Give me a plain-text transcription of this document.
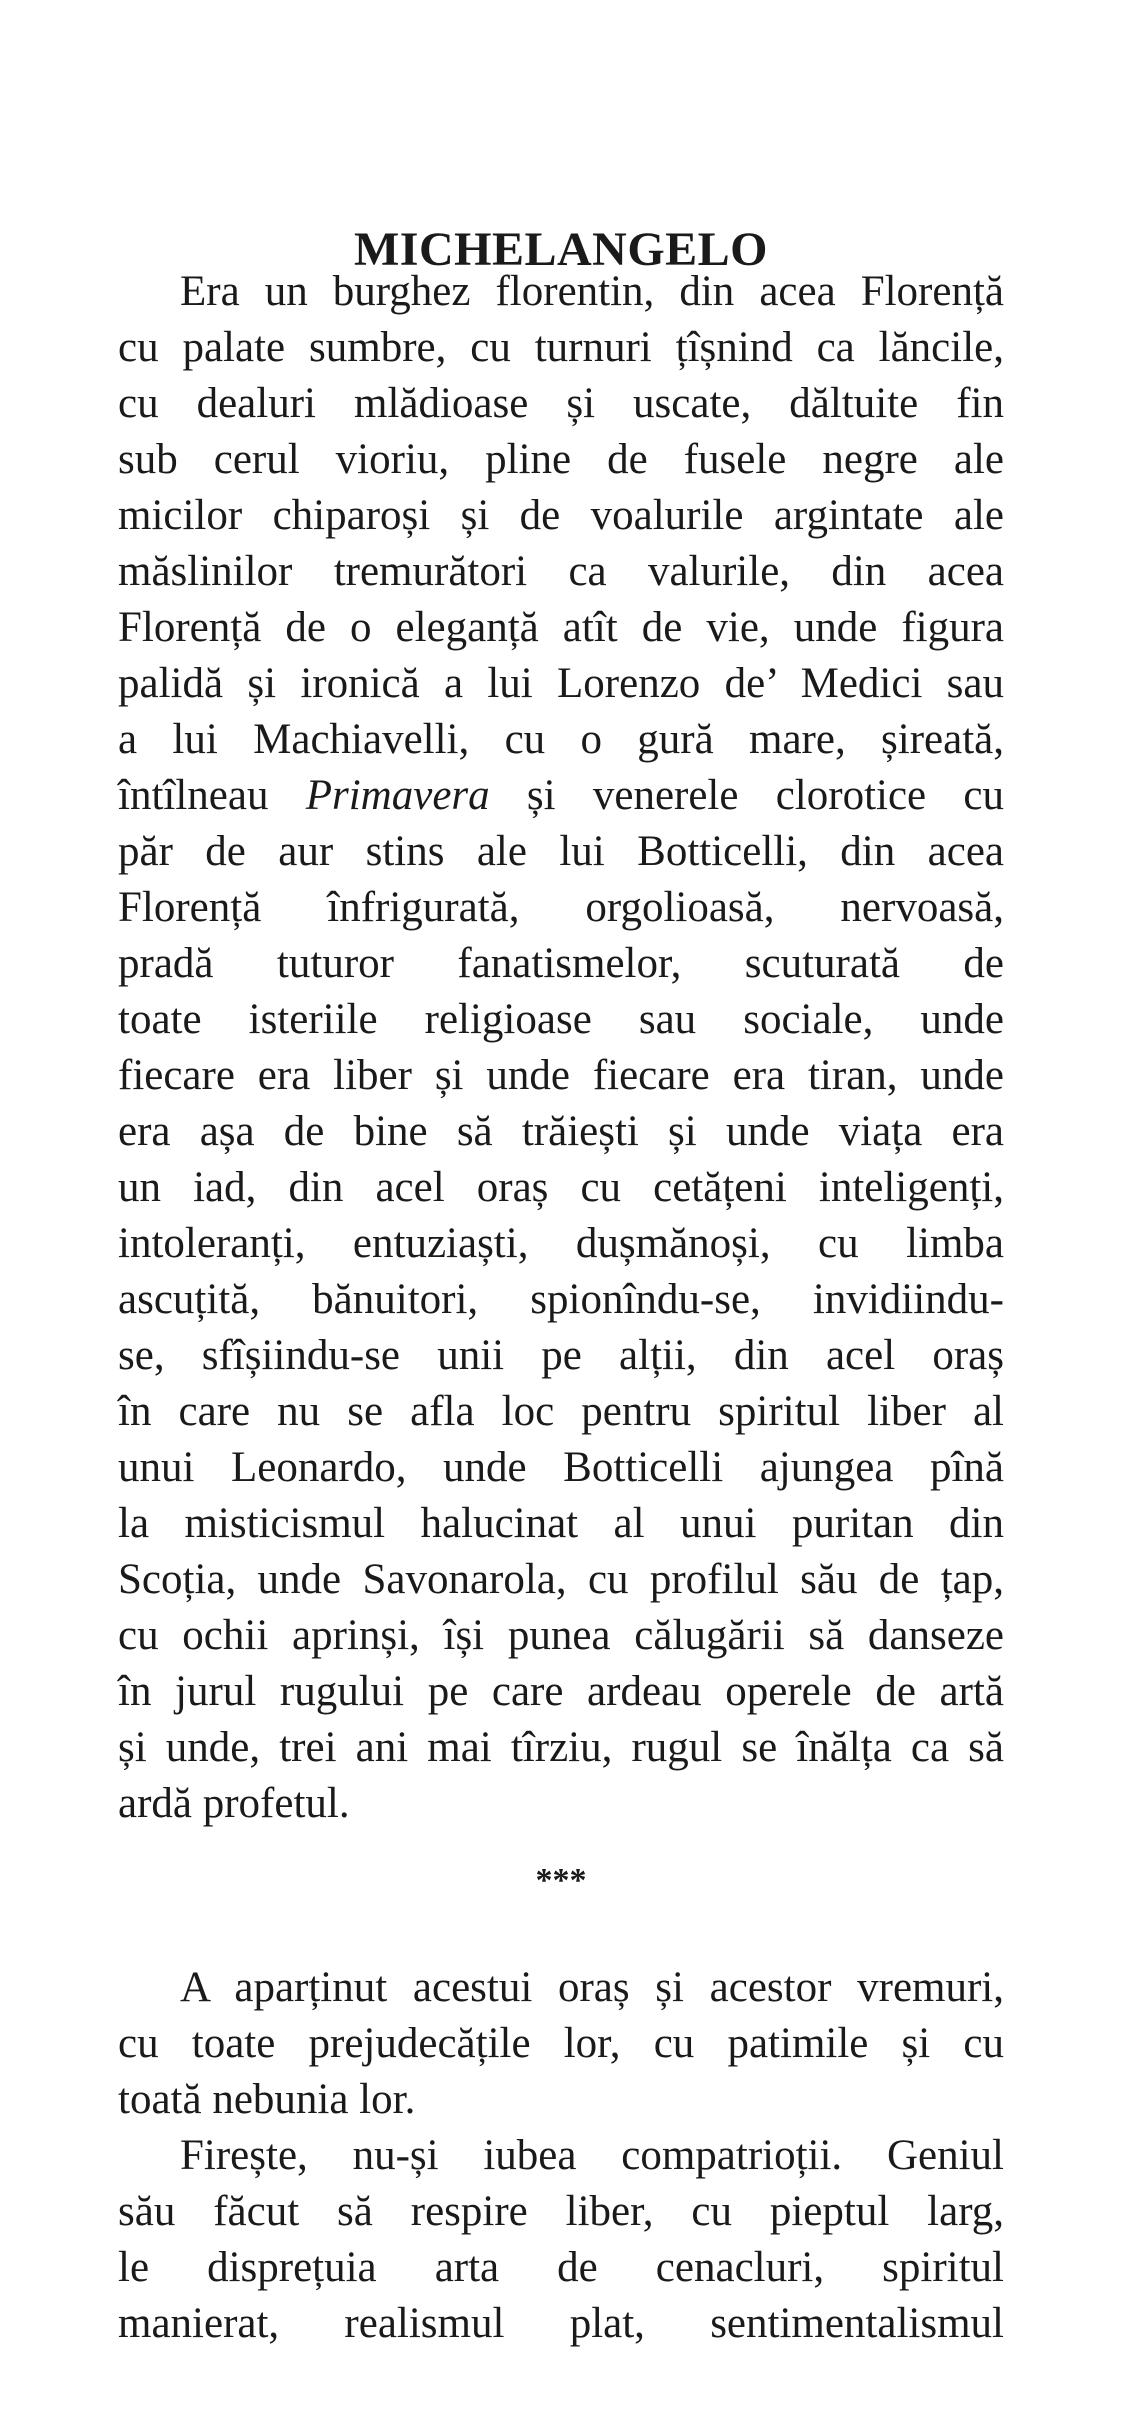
MICHELANGELO

Era un burghez florentin, din acea Florență

cu palate sumbre, cu turnuri țîșnind ca lăncile,

cu dealuri mlădioase și uscate, dăltuite fin

sub cerul vioriu, pline de fusele negre ale

micilor chiparoși și de voalurile argintate ale

măslinilor tremurători ca valurile, din acea

Florență de o eleganță atît de vie, unde figura

palidă și ironică a lui Lorenzo de’ Medici sau

a lui Machiavelli, cu o gură mare, șireată,

întîlneau Primavera și venerele clorotice cu

păr de aur stins ale lui Botticelli, din acea

Florență înfrigurată, orgolioasă, nervoasă,

pradă tuturor fanatismelor, scuturată de

toate isteriile religioase sau sociale, unde

fiecare era liber și unde fiecare era tiran, unde

era așa de bine să trăiești și unde viața era

un iad, din acel oraș cu cetățeni inteligenți,

intoleranți, entuziaști, dușmănoși, cu limba

ascuțită, bănuitori, spionîndu-se, invidiindu-

se, sfîșiindu-se unii pe alții, din acel oraș

în care nu se afla loc pentru spiritul liber al

unui Leonardo, unde Botticelli ajungea pînă

la misticismul halucinat al unui puritan din

Scoția, unde Savonarola, cu profilul său de țap,

cu ochii aprinși, își punea călugării să danseze

în jurul rugului pe care ardeau operele de artă

și unde, trei ani mai tîrziu, rugul se înălța ca să

ardă profetul.

***

A aparținut acestui oraș și acestor vremuri,

cu toate prejudecățile lor, cu patimile și cu

toată nebunia lor.

Firește, nu-și iubea compatrioții. Geniul

său făcut să respire liber, cu pieptul larg,

le disprețuia arta de cenacluri, spiritul

manierat, realismul plat, sentimentalismul
